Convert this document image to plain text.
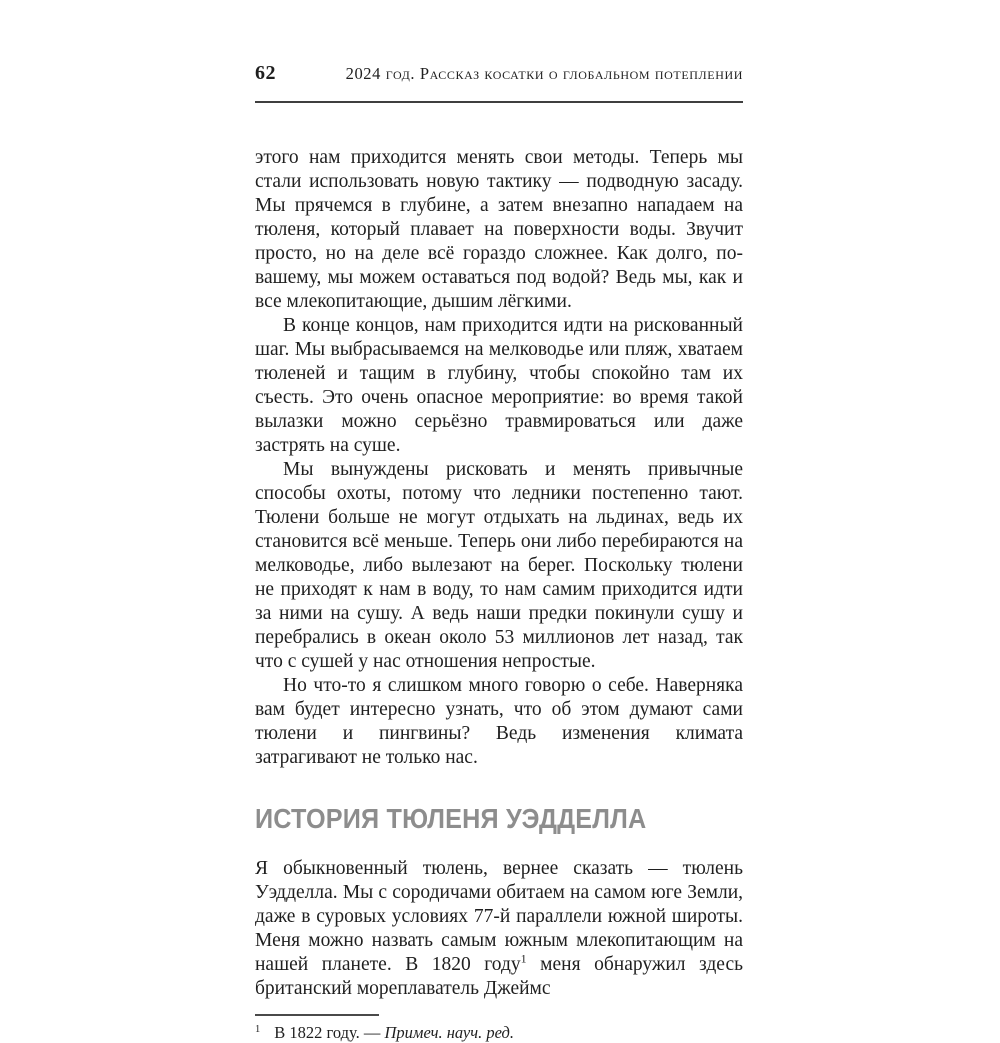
62	2024 год. Рассказ косатки о глобальном потеплении

этого нам приходится менять свои методы. Теперь мы стали использовать новую тактику — подводную засаду. Мы прячемся в глубине, а затем внезапно нападаем на тюленя, который плавает на поверхности воды. Звучит просто, но на деле всё гораздо сложнее. Как долго, по-вашему, мы можем оставаться под водой? Ведь мы, как и все млекопитающие, дышим лёгкими.

В конце концов, нам приходится идти на рискованный шаг. Мы выбрасываемся на мелководье или пляж, хватаем тюленей и тащим в глубину, чтобы спокойно там их съесть. Это очень опасное мероприятие: во время такой вылазки можно серьёзно травмироваться или даже застрять на суше.

Мы вынуждены рисковать и менять привычные способы охоты, потому что ледники постепенно тают. Тюлени больше не могут отдыхать на льдинах, ведь их становится всё меньше. Теперь они либо перебираются на мелководье, либо вылезают на берег. Поскольку тюлени не приходят к нам в воду, то нам самим приходится идти за ними на сушу. А ведь наши предки покинули сушу и перебрались в океан около 53 миллионов лет назад, так что с сушей у нас отношения непростые.

Но что-то я слишком много говорю о себе. Наверняка вам будет интересно узнать, что об этом думают сами тюлени и пингвины? Ведь изменения климата затрагивают не только нас.

ИСТОРИЯ ТЮЛЕНЯ УЭДДЕЛЛА

Я обыкновенный тюлень, вернее сказать — тюлень Уэдделла. Мы с сородичами обитаем на самом юге Земли, даже в суровых условиях 77-й параллели южной широты. Меня можно назвать самым южным млекопитающим на нашей планете. В 1820 году$^1$ меня обнаружил здесь британский мореплаватель Джеймс

$^1$ В 1822 году. — Примеч. науч. ред.
